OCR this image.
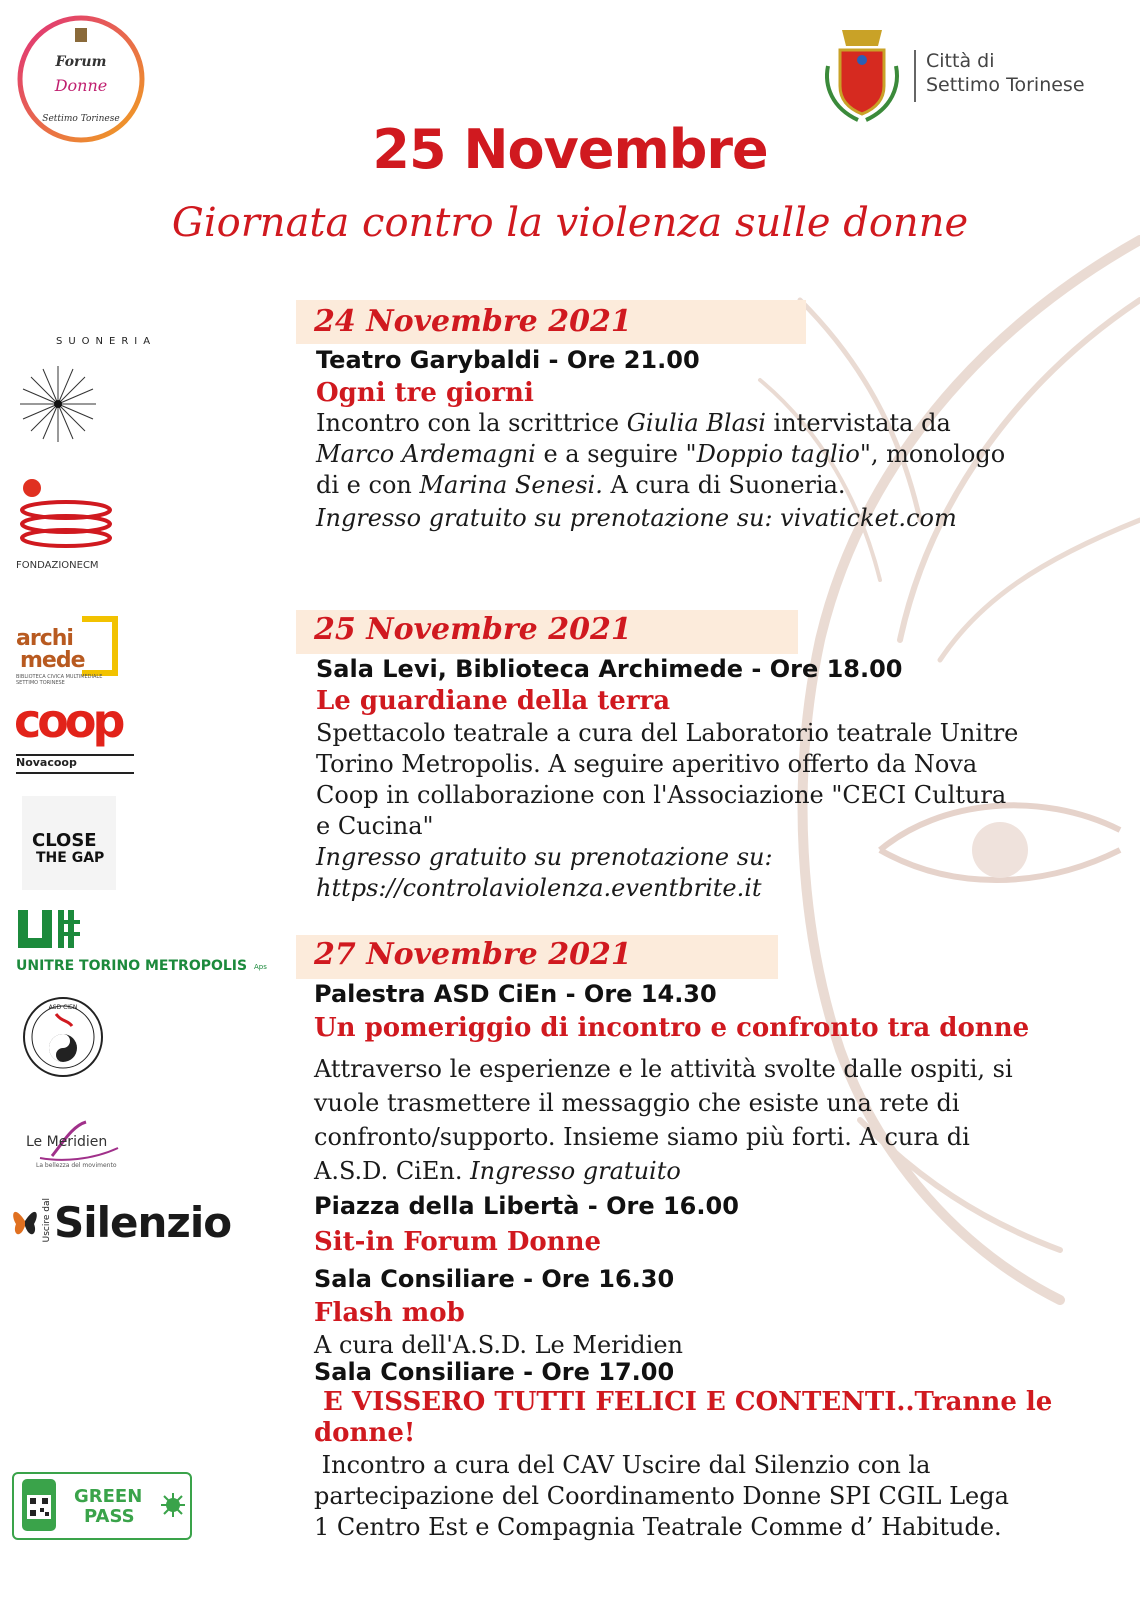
Forum
Donne
Settimo Torinese
Città di
Settimo Torinese
25 Novembre
Giornata contro la violenza sulle donne
SUONERIA
FONDAZIONECM
archi
mede
BIBLIOTECA CIVICA MULTIMEDIALE SETTIMO TORINESE
coop
Novacoop
CLOSE
THE GAP
UNITRE TORINO METROPOLIS Aps
ASD CIEN
Le Meridien
La bellezza del movimento
Uscire dal Silenzio
GREEN
PASS
24 Novembre 2021
Teatro Garybaldi - Ore 21.00
Ogni tre giorni
Incontro con la scrittrice Giulia Blasi intervistata da
Marco Ardemagni e a seguire "Doppio taglio", monologo
di e con Marina Senesi. A cura di Suoneria.
Ingresso gratuito su prenotazione su: vivaticket.com
25 Novembre 2021
Sala Levi, Biblioteca Archimede - Ore 18.00
Le guardiane della terra
Spettacolo teatrale a cura del Laboratorio teatrale Unitre
Torino Metropolis. A seguire aperitivo offerto da Nova
Coop in collaborazione con l'Associazione "CECI Cultura
e Cucina"
Ingresso gratuito su prenotazione su:
https://controlaviolenza.eventbrite.it
27 Novembre 2021
Palestra ASD CiEn - Ore 14.30
Un pomeriggio di incontro e confronto tra donne
Attraverso le esperienze e le attività svolte dalle ospiti, si
vuole trasmettere il messaggio che esiste una rete di
confronto/supporto. Insieme siamo più forti. A cura di
A.S.D. CiEn. Ingresso gratuito
Piazza della Libertà - Ore 16.00
Sit-in Forum Donne
Sala Consiliare - Ore 16.30
Flash mob
A cura dell'A.S.D. Le Meridien
Sala Consiliare - Ore 17.00
E VISSERO TUTTI FELICI E CONTENTI..Tranne le
donne!
Incontro a cura del CAV Uscire dal Silenzio con la
partecipazione del Coordinamento Donne SPI CGIL Lega
1 Centro Est e Compagnia Teatrale Comme d’ Habitude.
